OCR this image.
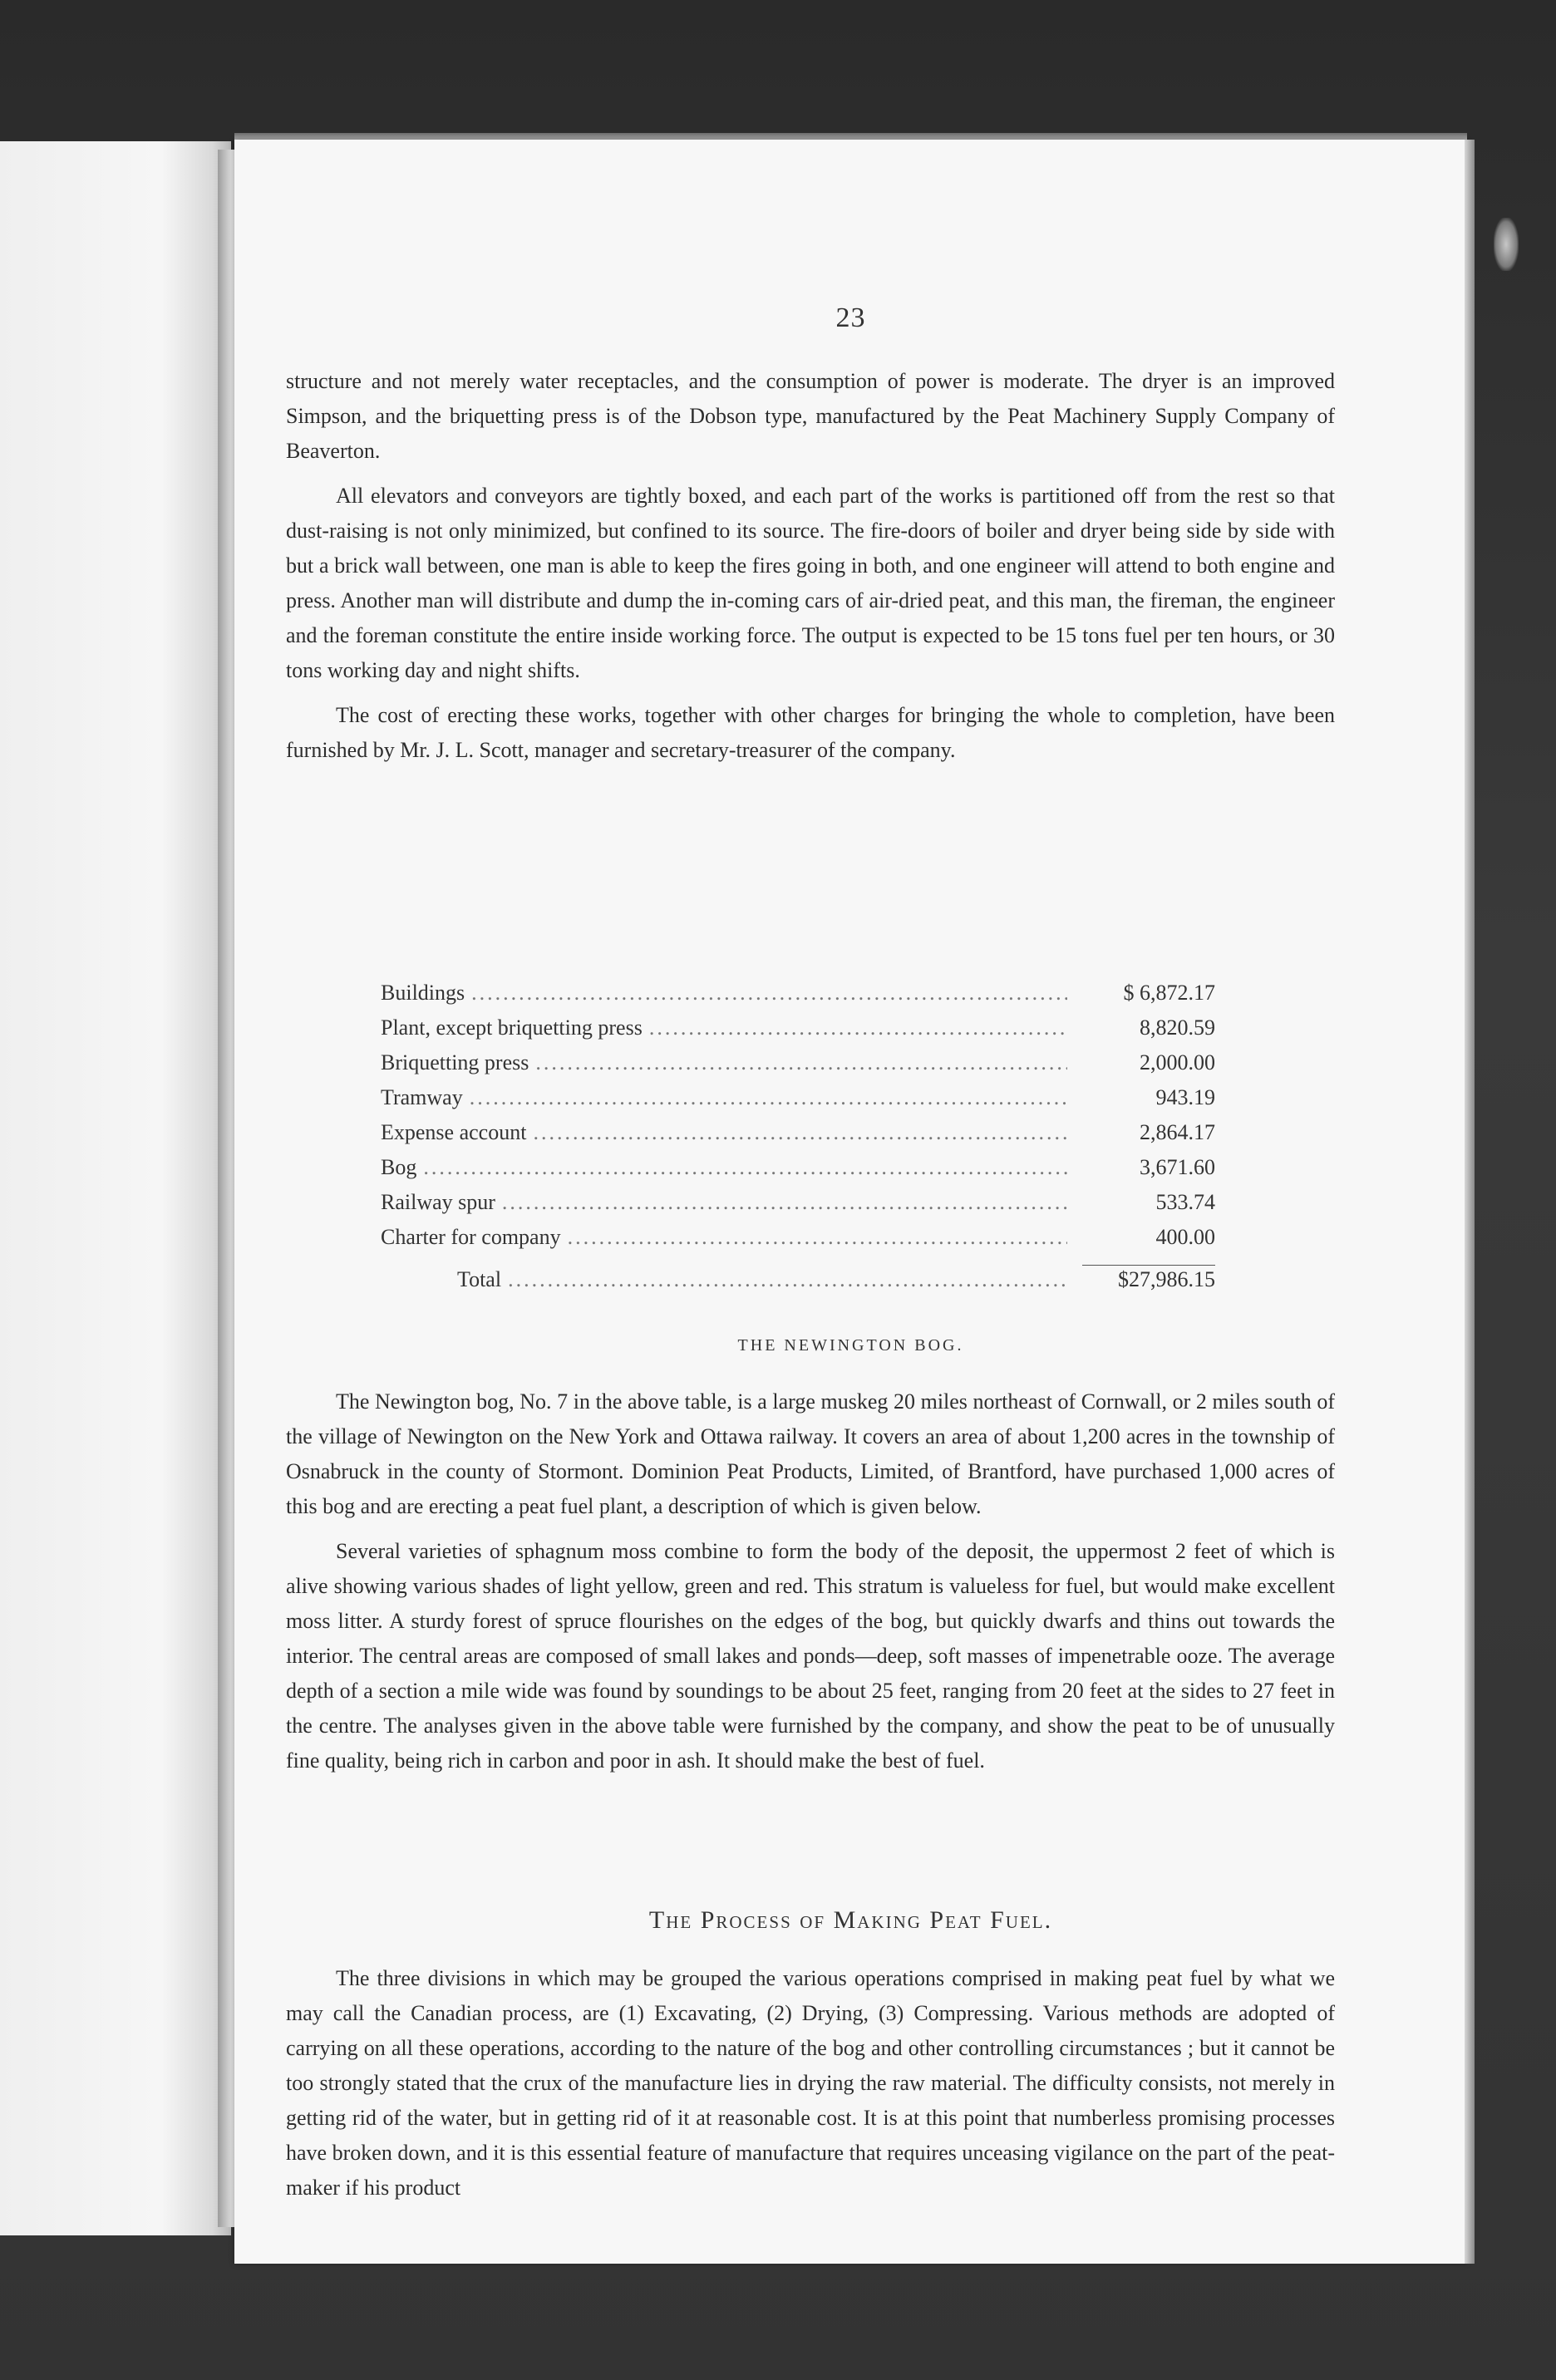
23

structure and not merely water receptacles, and the consumption of power is moderate. The dryer is an improved Simpson, and the briquetting press is of the Dobson type, manufactured by the Peat Machinery Supply Company of Beaverton.

All elevators and conveyors are tightly boxed, and each part of the works is partitioned off from the rest so that dust-raising is not only minimized, but confined to its source. The fire-doors of boiler and dryer being side by side with but a brick wall between, one man is able to keep the fires going in both, and one engineer will attend to both engine and press. Another man will distribute and dump the in-coming cars of air-dried peat, and this man, the fireman, the engineer and the foreman constitute the entire inside working force. The output is expected to be 15 tons fuel per ten hours, or 30 tons working day and night shifts.

The cost of erecting these works, together with other charges for bringing the whole to completion, have been furnished by Mr. J. L. Scott, manager and secretary-treasurer of the company.

Buildings .....	$ 6,872.17
Plant, except briquetting press .....	8,820.59
Briquetting press .....	2,000.00
Tramway .....	943.19
Expense account .....	2,864.17
Bog .....	3,671.60
Railway spur .....	533.74
Charter for company .....	400.00
Total .....	$27,986.15
THE NEWINGTON BOG.

The Newington bog, No. 7 in the above table, is a large muskeg 20 miles northeast of Cornwall, or 2 miles south of the village of Newington on the New York and Ottawa railway. It covers an area of about 1,200 acres in the township of Osnabruck in the county of Stormont. Dominion Peat Products, Limited, of Brantford, have purchased 1,000 acres of this bog and are erecting a peat fuel plant, a description of which is given below.

Several varieties of sphagnum moss combine to form the body of the deposit, the uppermost 2 feet of which is alive showing various shades of light yellow, green and red. This stratum is valueless for fuel, but would make excellent moss litter. A sturdy forest of spruce flourishes on the edges of the bog, but quickly dwarfs and thins out towards the interior. The central areas are composed of small lakes and ponds—deep, soft masses of impenetrable ooze. The average depth of a section a mile wide was found by soundings to be about 25 feet, ranging from 20 feet at the sides to 27 feet in the centre. The analyses given in the above table were furnished by the company, and show the peat to be of unusually fine quality, being rich in carbon and poor in ash. It should make the best of fuel.

The Process of Making Peat Fuel.

The three divisions in which may be grouped the various operations comprised in making peat fuel by what we may call the Canadian process, are (1) Excavating, (2) Drying, (3) Compressing. Various methods are adopted of carrying on all these operations, according to the nature of the bog and other controlling circumstances ; but it cannot be too strongly stated that the crux of the manufacture lies in drying the raw material. The difficulty consists, not merely in getting rid of the water, but in getting rid of it at reasonable cost. It is at this point that numberless promising processes have broken down, and it is this essential feature of manufacture that requires unceasing vigilance on the part of the peat-maker if his product
